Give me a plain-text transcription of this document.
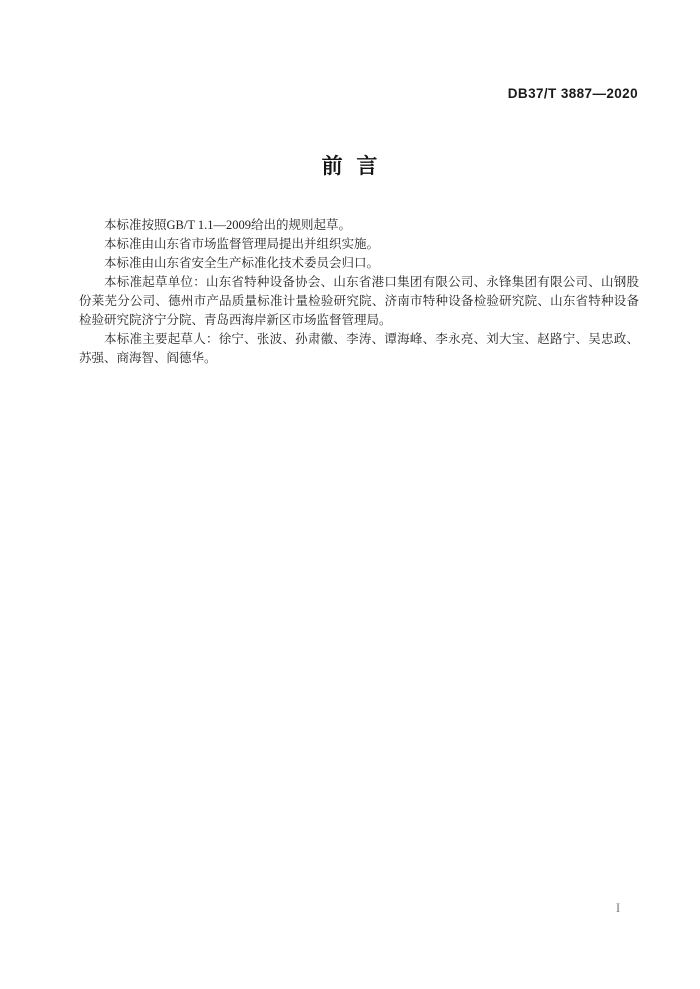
DB37/T 3887—2020
前 言

本标准按照GB/T 1.1—2009给出的规则起草。

本标准由山东省市场监督管理局提出并组织实施。

本标准由山东省安全生产标准化技术委员会归口。

本标准起草单位：山东省特种设备协会、山东省港口集团有限公司、永锋集团有限公司、山钢股份莱芜分公司、德州市产品质量标准计量检验研究院、济南市特种设备检验研究院、山东省特种设备检验研究院济宁分院、青岛西海岸新区市场监督管理局。

本标准主要起草人：徐宁、张波、孙肃徽、李涛、谭海峰、李永亮、刘大宝、赵路宁、吴忠政、苏强、商海智、阎德华。

I
